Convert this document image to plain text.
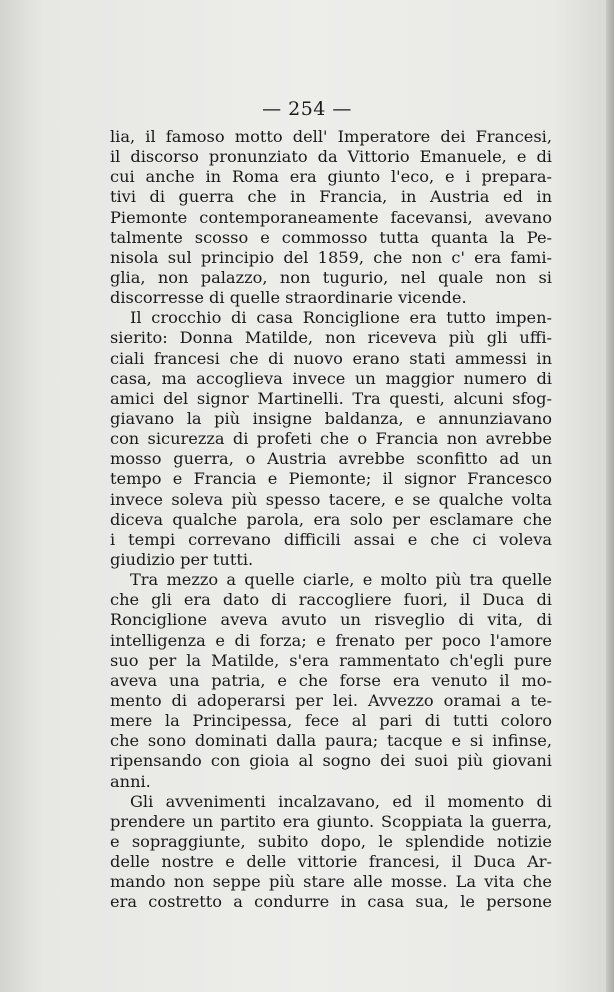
— 254 —
lia, il famoso motto dell' Imperatore dei Francesi,
il discorso pronunziato da Vittorio Emanuele, e di
cui anche in Roma era giunto l'eco, e i prepara-
tivi di guerra che in Francia, in Austria ed in
Piemonte contemporaneamente facevansi, avevano
talmente scosso e commosso tutta quanta la Pe-
nisola sul principio del 1859, che non c' era fami-
glia, non palazzo, non tugurio, nel quale non si
discorresse di quelle straordinarie vicende.
Il crocchio di casa Ronciglione era tutto impen-
sierito: Donna Matilde, non riceveva più gli uffi-
ciali francesi che di nuovo erano stati ammessi in
casa, ma accoglieva invece un maggior numero di
amici del signor Martinelli. Tra questi, alcuni sfog-
giavano la più insigne baldanza, e annunziavano
con sicurezza di profeti che o Francia non avrebbe
mosso guerra, o Austria avrebbe sconfitto ad un
tempo e Francia e Piemonte; il signor Francesco
invece soleva più spesso tacere, e se qualche volta
diceva qualche parola, era solo per esclamare che
i tempi correvano difficili assai e che ci voleva
giudizio per tutti.
Tra mezzo a quelle ciarle, e molto più tra quelle
che gli era dato di raccogliere fuori, il Duca di
Ronciglione aveva avuto un risveglio di vita, di
intelligenza e di forza; e frenato per poco l'amore
suo per la Matilde, s'era rammentato ch'egli pure
aveva una patria, e che forse era venuto il mo-
mento di adoperarsi per lei. Avvezzo oramai a te-
mere la Principessa, fece al pari di tutti coloro
che sono dominati dalla paura; tacque e si infinse,
ripensando con gioia al sogno dei suoi più giovani
anni.
Gli avvenimenti incalzavano, ed il momento di
prendere un partito era giunto. Scoppiata la guerra,
e sopraggiunte, subito dopo, le splendide notizie
delle nostre e delle vittorie francesi, il Duca Ar-
mando non seppe più stare alle mosse. La vita che
era costretto a condurre in casa sua, le persone
